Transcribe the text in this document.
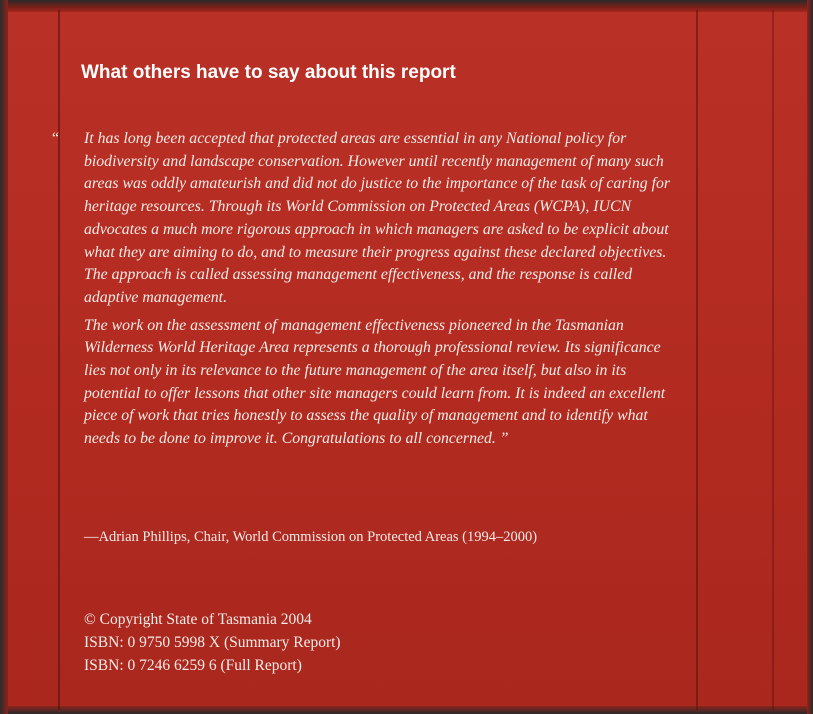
What others have to say about this report

“ It has long been accepted that protected areas are essential in any National policy for biodiversity and landscape conservation. However until recently management of many such areas was oddly amateurish and did not do justice to the importance of the task of caring for heritage resources. Through its World Commission on Protected Areas (WCPA), IUCN advocates a much more rigorous approach in which managers are asked to be explicit about what they are aiming to do, and to measure their progress against these declared objectives. The approach is called assessing management effectiveness, and the response is called adaptive management.

The work on the assessment of management effectiveness pioneered in the Tasmanian Wilderness World Heritage Area represents a thorough professional review. Its significance lies not only in its relevance to the future management of the area itself, but also in its potential to offer lessons that other site managers could learn from. It is indeed an excellent piece of work that tries honestly to assess the quality of management and to identify what needs to be done to improve it. Congratulations to all concerned. ”

—Adrian Phillips, Chair, World Commission on Protected Areas (1994–2000)

© Copyright State of Tasmania 2004
ISBN: 0 9750 5998 X (Summary Report)
ISBN: 0 7246 6259 6 (Full Report)
